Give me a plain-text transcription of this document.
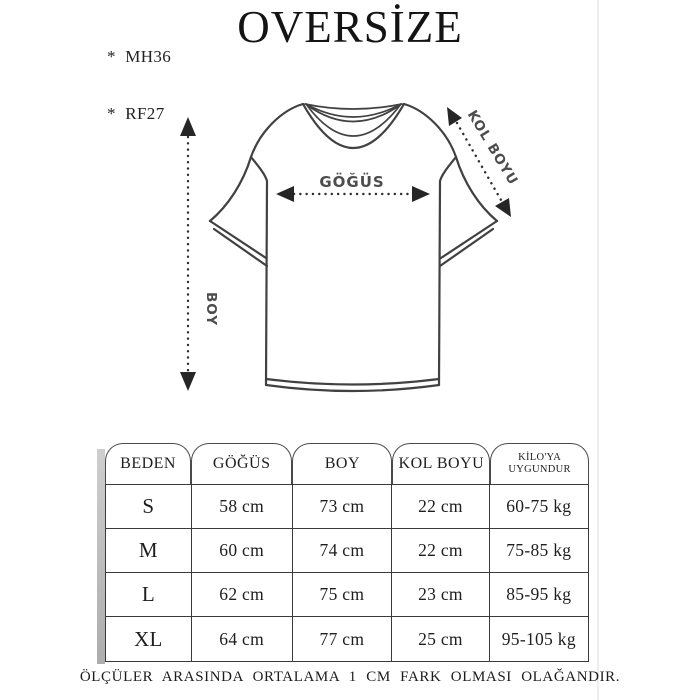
*  MH36

*  RF27

OVERSİZE
GÖĞÜS
BOY
KOL BOYU
BEDEN	GÖĞÜS	BOY	KOL BOYU	KİLO'YA UYGUNDUR
S	58 cm	73 cm	22 cm	60-75 kg
M	60 cm	74 cm	22 cm	75-85 kg
L	62 cm	75 cm	23 cm	85-95 kg
XL	64 cm	77 cm	25 cm	95-105 kg
ÖLÇÜLER ARASINDA ORTALAMA 1 CM FARK OLMASI OLAĞANDIR.
